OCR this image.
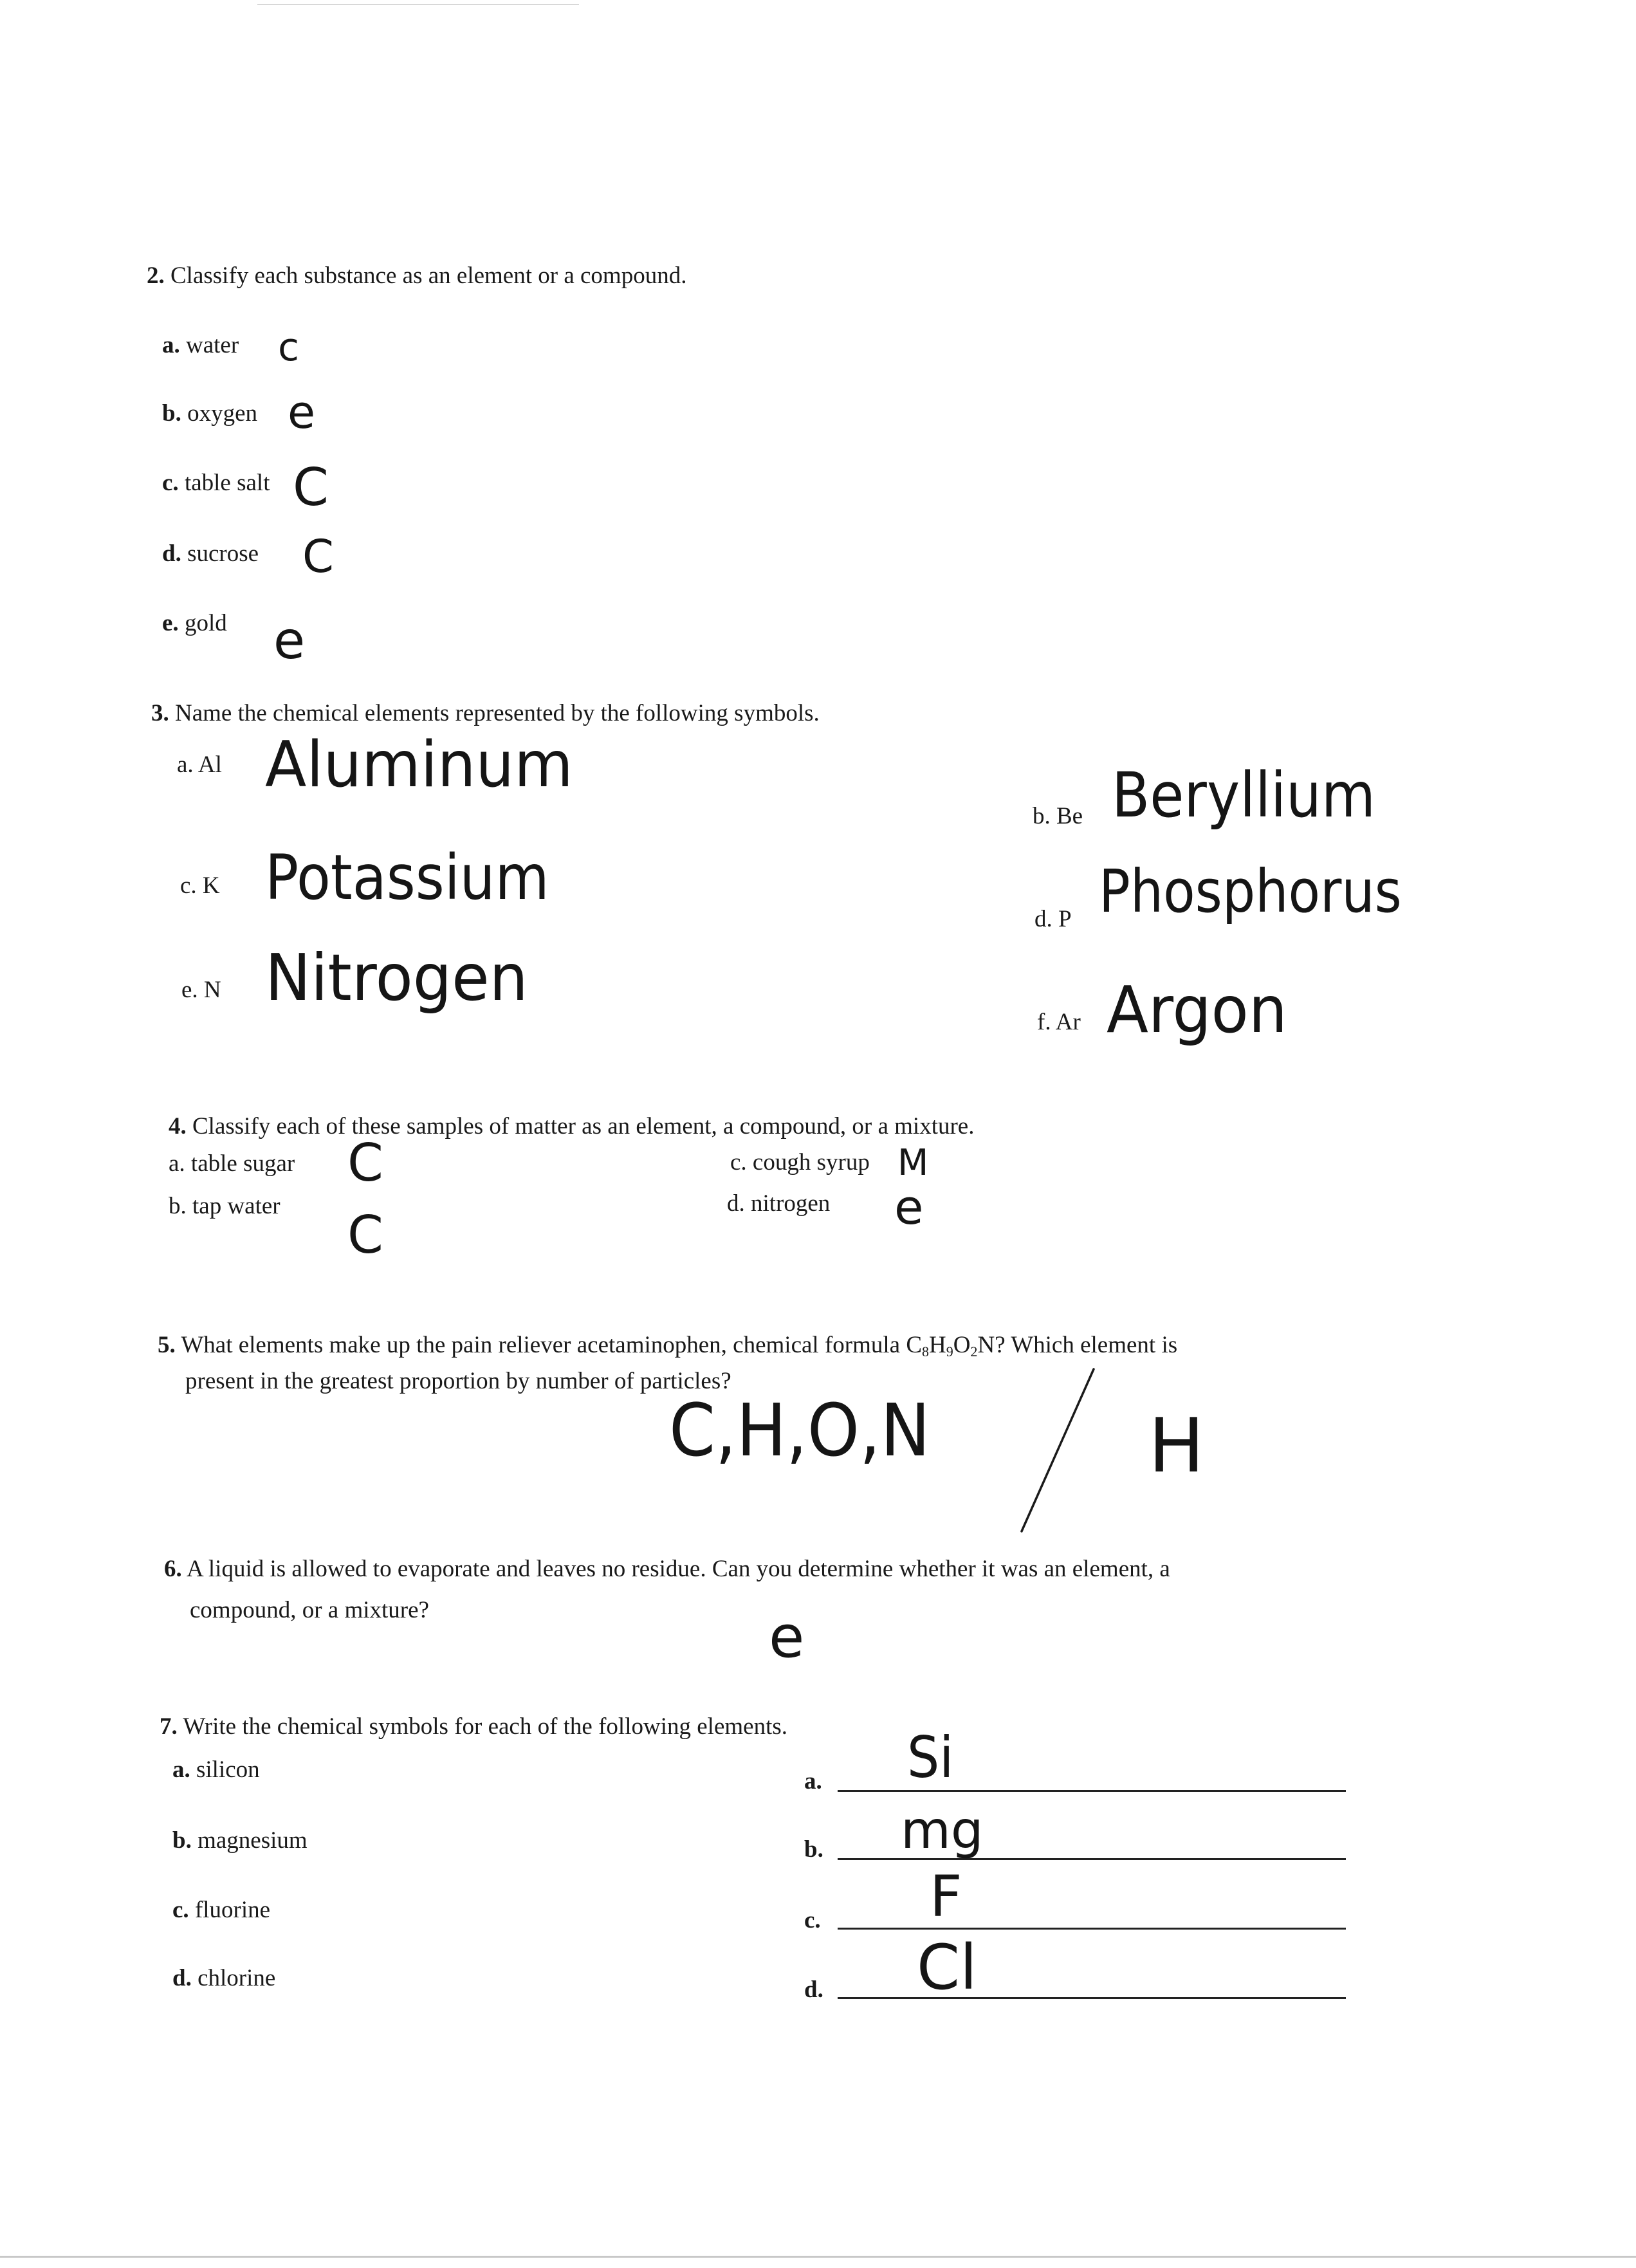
2. Classify each substance as an element or a compound.
a. water c
b. oxygen e
c. table salt C
d. sucrose C
e. gold e
3. Name the chemical elements represented by the following symbols.
a. Al Aluminum
b. Be Beryllium
c. K Potassium
d. P Phosphorus
e. N Nitrogen
f. Ar Argon
4. Classify each of these samples of matter as an element, a compound, or a mixture.
a. table sugar C
b. tap water C
c. cough syrup M
d. nitrogen e
5. What elements make up the pain reliever acetaminophen, chemical formula $C_8H_9O_2N$? Which element is
present in the greatest proportion by number of particles?
C,H,O,N	H
6. A liquid is allowed to evaporate and leaves no residue. Can you determine whether it was an element, a
compound, or a mixture?	e
7. Write the chemical symbols for each of the following elements.
a. silicon	a. Si
b. magnesium	b. mg
c. fluorine	c. F
d. chlorine	d. Cl
